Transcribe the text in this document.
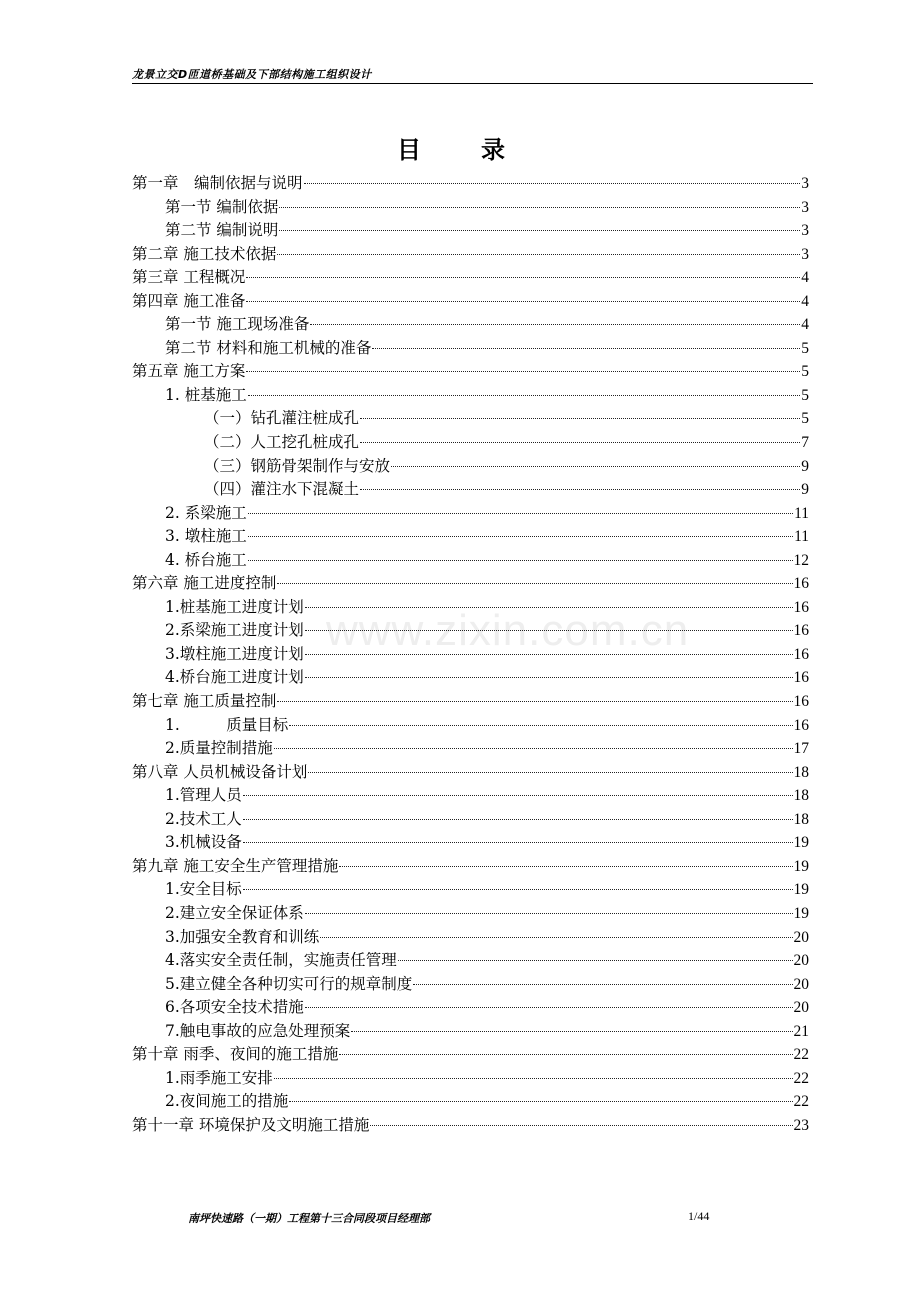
龙景立交D匝道桥基础及下部结构施工组织设计
目　录
www.zixin.com.cn
第一章　编制依据与说明	3
第一节 编制依据	3
第二节 编制说明	3
第二章 施工技术依据	3
第三章 工程概况	4
第四章 施工准备	4
第一节 施工现场准备	4
第二节 材料和施工机械的准备	5
第五章 施工方案	5
1. 桩基施工	5
（一）钻孔灌注桩成孔	5
（二）人工挖孔桩成孔	7
（三）钢筋骨架制作与安放	9
（四）灌注水下混凝土	9
2. 系梁施工	11
3. 墩柱施工	11
4. 桥台施工	12
第六章 施工进度控制	16
1.桩基施工进度计划	16
2.系梁施工进度计划	16
3.墩柱施工进度计划	16
4.桥台施工进度计划	16
第七章 施工质量控制	16
1.　　　质量目标	16
2.质量控制措施	17
第八章 人员机械设备计划	18
1.管理人员	18
2.技术工人	18
3.机械设备	19
第九章 施工安全生产管理措施	19
1.安全目标	19
2.建立安全保证体系	19
3.加强安全教育和训练	20
4.落实安全责任制，实施责任管理	20
5.建立健全各种切实可行的规章制度	20
6.各项安全技术措施	20
7.触电事故的应急处理预案	21
第十章 雨季、夜间的施工措施	22
1.雨季施工安排	22
2.夜间施工的措施	22
第十一章 环境保护及文明施工措施	23
南坪快速路（一期）工程第十三合同段项目经理部	1/44
